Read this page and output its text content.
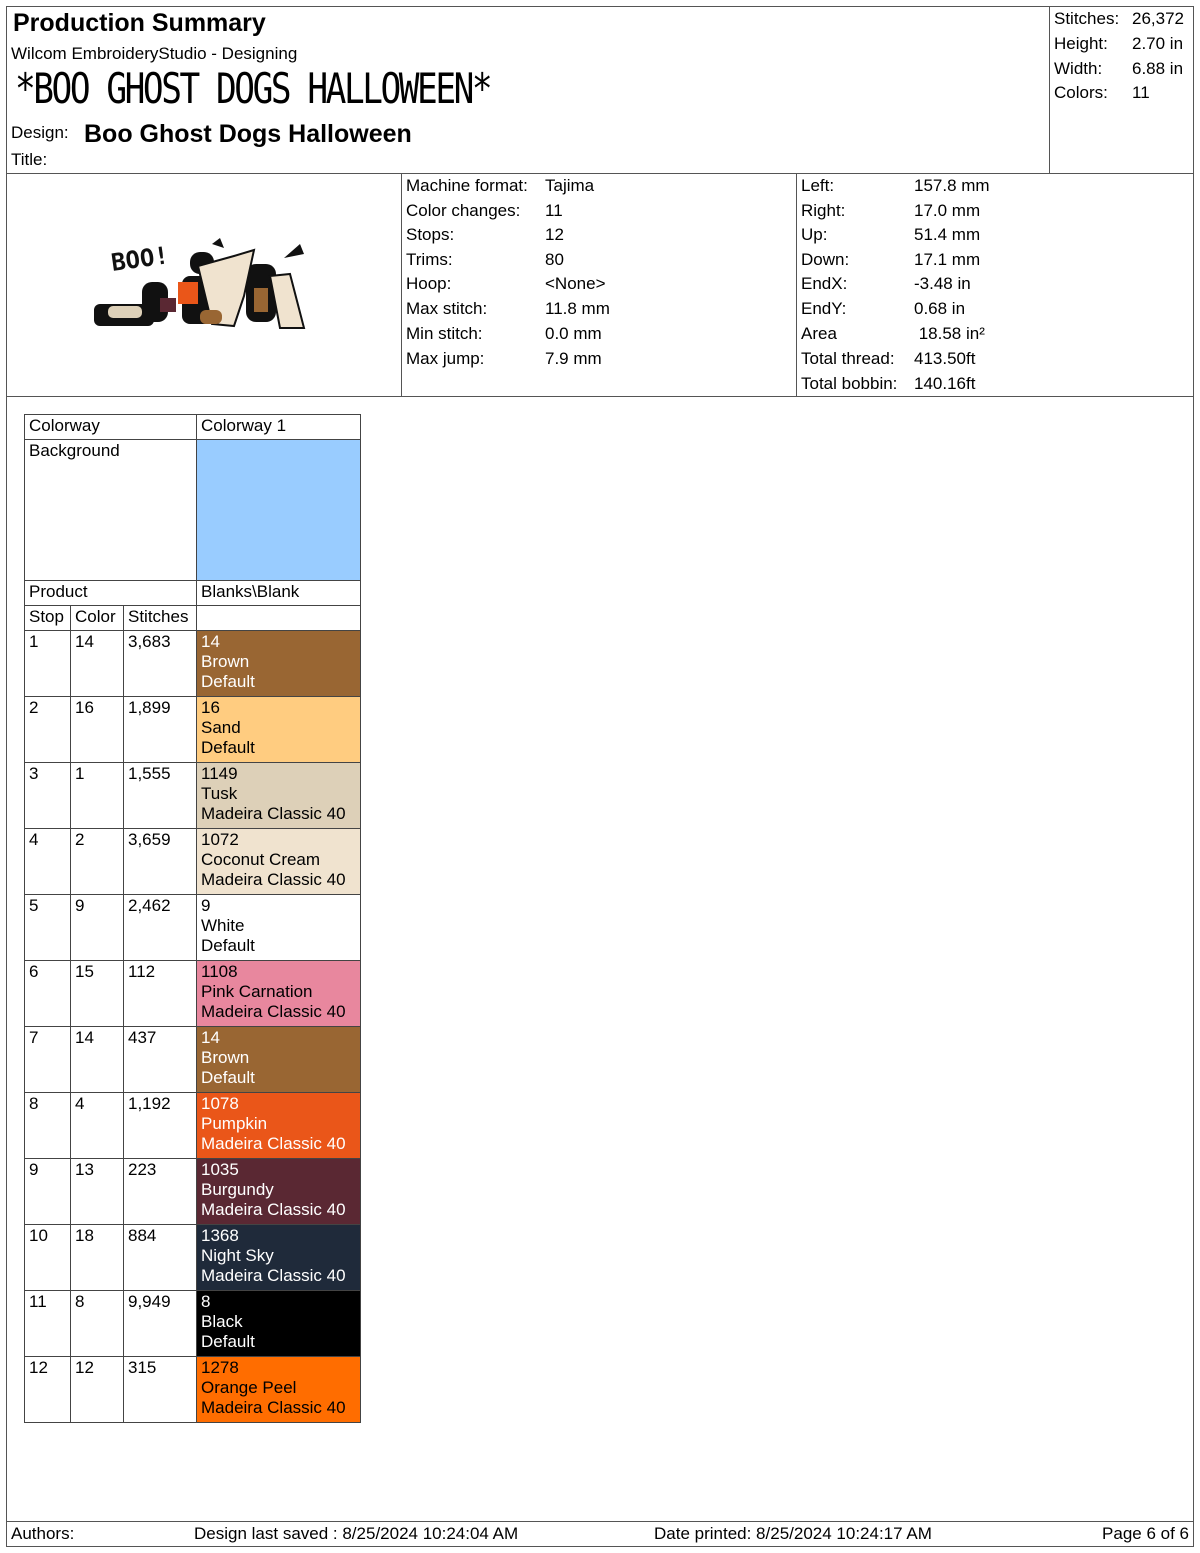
Production Summary
Wilcom EmbroideryStudio - Designing
*BOO GHOST DOGS HALLOWEEN*
Design: Boo Ghost Dogs Halloween
Title:
Stitches: 26,372
Height: 2.70 in
Width: 6.88 in
Colors: 11
BOO!
Machine format: Tajima
Color changes: 11
Stops:	12
Trims:	80
Hoop:	<None>
Max stitch:	11.8 mm
Min stitch:	0.0 mm
Max jump:	7.9 mm
Left:	157.8 mm
Right:	17.0 mm
Up:	51.4 mm
Down:	17.1 mm
EndX:	-3.48 in
EndY:	0.68 in
Area	18.58 in²
Total thread: 413.50ft
Total bobbin: 140.16ft
Colorway			Colorway 1
Background			
Product			Blanks\Blank
Stop	Color	Stitches	
1	14	3,683	14
Brown
Default

2	16	1,899	16
Sand
Default

3	1	1,555	1149
Tusk
Madeira Classic 40

4	2	3,659	1072
Coconut Cream
Madeira Classic 40

5	9	2,462	9
White
Default

6	15	112	1108
Pink Carnation
Madeira Classic 40

7	14	437	14
Brown
Default

8	4	1,192	1078
Pumpkin
Madeira Classic 40

9	13	223	1035
Burgundy
Madeira Classic 40

10	18	884	1368
Night Sky
Madeira Classic 40

11	8	9,949	8
Black
Default

12	12	315	1278
Orange Peel
Madeira Classic 40
Authors:	Design last saved : 8/25/2024 10:24:04 AM	Date printed: 8/25/2024 10:24:17 AM	Page 6 of 6
